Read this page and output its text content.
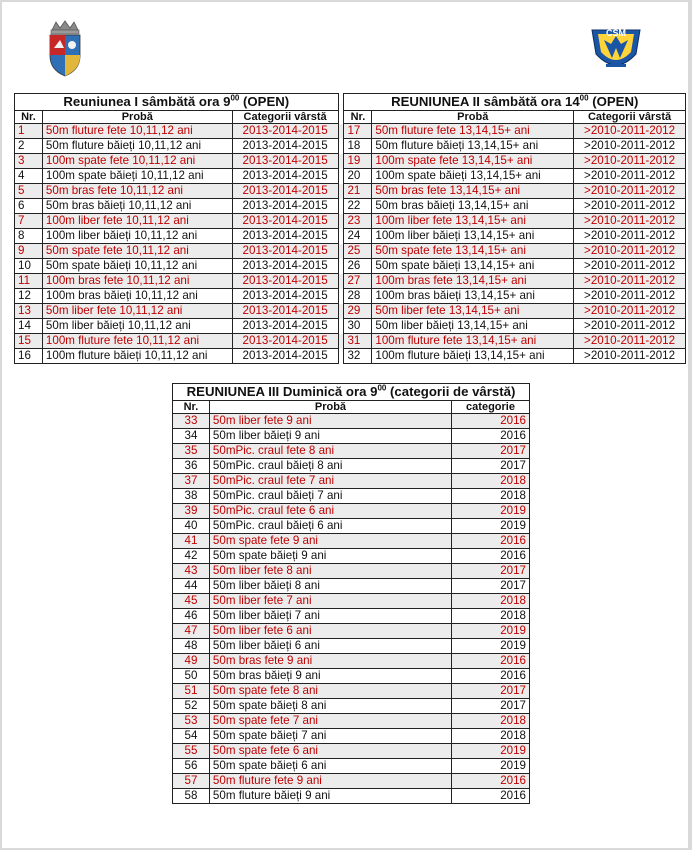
CSM
Reuniunea I sâmbătă ora $9^{00}$ (OPEN)				REUNIUNEA II sâmbătă ora $14^{00}$ (OPEN)		
Nr.	Probă	Categorii vârstă		Nr.	Probă	Categorii vârstă
1	50m fluture fete 10,11,12 ani	2013-2014-2015		17	50m fluture fete 13,14,15+ ani	>2010-2011-2012
2	50m fluture băieți 10,11,12 ani	2013-2014-2015		18	50m fluture băieți 13,14,15+ ani	>2010-2011-2012
3	100m spate fete 10,11,12 ani	2013-2014-2015		19	100m spate fete 13,14,15+ ani	>2010-2011-2012
4	100m spate băieți 10,11,12 ani	2013-2014-2015		20	100m spate băieți 13,14,15+ ani	>2010-2011-2012
5	50m bras fete 10,11,12 ani	2013-2014-2015		21	50m bras fete 13,14,15+ ani	>2010-2011-2012
6	50m bras băieți 10,11,12 ani	2013-2014-2015		22	50m bras băieți 13,14,15+ ani	>2010-2011-2012
7	100m liber fete 10,11,12 ani	2013-2014-2015		23	100m liber fete 13,14,15+ ani	>2010-2011-2012
8	100m liber băieți 10,11,12 ani	2013-2014-2015		24	100m liber băieți 13,14,15+ ani	>2010-2011-2012
9	50m spate fete 10,11,12 ani	2013-2014-2015		25	50m spate fete 13,14,15+ ani	>2010-2011-2012
10	50m spate băieți 10,11,12 ani	2013-2014-2015		26	50m spate băieți 13,14,15+ ani	>2010-2011-2012
11	100m bras fete 10,11,12 ani	2013-2014-2015		27	100m bras fete 13,14,15+ ani	>2010-2011-2012
12	100m bras băieți 10,11,12 ani	2013-2014-2015		28	100m bras băieți 13,14,15+ ani	>2010-2011-2012
13	50m liber fete 10,11,12 ani	2013-2014-2015		29	50m liber fete 13,14,15+ ani	>2010-2011-2012
14	50m liber băieți 10,11,12 ani	2013-2014-2015		30	50m liber băieți 13,14,15+ ani	>2010-2011-2012
15	100m fluture fete 10,11,12 ani	2013-2014-2015		31	100m fluture fete 13,14,15+ ani	>2010-2011-2012
16	100m fluture băieți 10,11,12 ani	2013-2014-2015		32	100m fluture băieți 13,14,15+ ani	>2010-2011-2012
REUNIUNEA III Duminică ora $9^{00}$ (categorii de vârstă)		
Nr.	Probă	categorie
33	50m liber fete 9 ani	2016
34	50m liber băieți 9 ani	2016
35	50mPic. craul fete 8 ani	2017
36	50mPic. craul băieți 8 ani	2017
37	50mPic. craul fete 7 ani	2018
38	50mPic. craul băieți 7 ani	2018
39	50mPic. craul fete 6 ani	2019
40	50mPic. craul băieți 6 ani	2019
41	50m spate fete 9 ani	2016
42	50m spate băieți 9 ani	2016
43	50m liber fete 8 ani	2017
44	50m liber băieți 8 ani	2017
45	50m liber fete 7 ani	2018
46	50m liber băieți 7 ani	2018
47	50m liber fete 6 ani	2019
48	50m liber băieți 6 ani	2019
49	50m bras fete 9 ani	2016
50	50m bras băieți 9 ani	2016
51	50m spate fete 8 ani	2017
52	50m spate băieți 8 ani	2017
53	50m spate fete 7 ani	2018
54	50m spate băieți 7 ani	2018
55	50m spate fete 6 ani	2019
56	50m spate băieți 6 ani	2019
57	50m fluture fete 9 ani	2016
58	50m fluture băieți 9 ani	2016
